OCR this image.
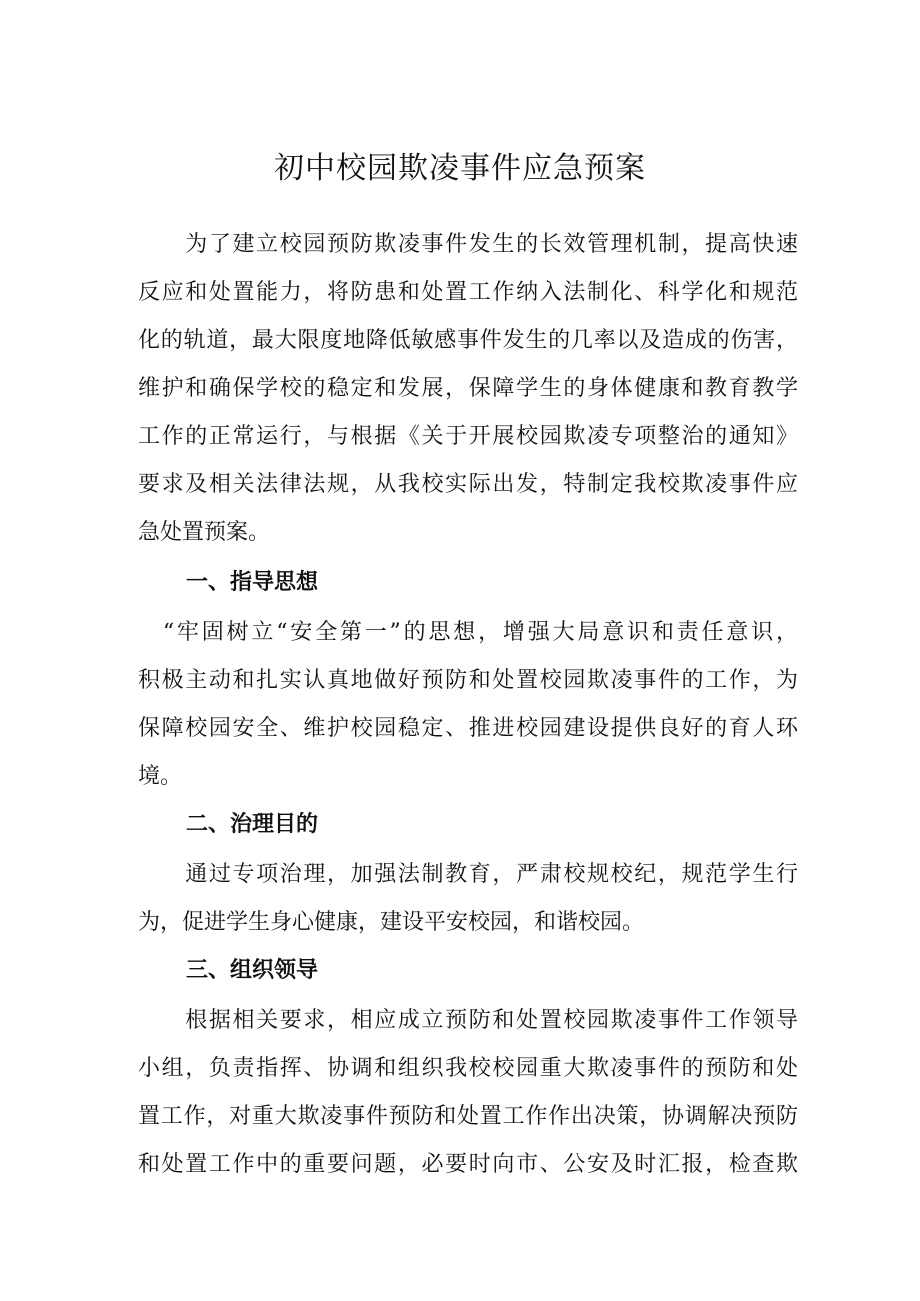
初中校园欺凌事件应急预案

　　为了建立校园预防欺凌事件发生的长效管理机制，提高快速

反应和处置能力，将防患和处置工作纳入法制化、科学化和规范

化的轨道，最大限度地降低敏感事件发生的几率以及造成的伤害，

维护和确保学校的稳定和发展，保障学生的身体健康和教育教学

工作的正常运行，与根据《关于开展校园欺凌专项整治的通知》

要求及相关法律法规，从我校实际出发，特制定我校欺凌事件应

急处置预案。

一、指导思想

　“牢固树立“安全第一”的思想，增强大局意识和责任意识，

积极主动和扎实认真地做好预防和处置校园欺凌事件的工作，为

保障校园安全、维护校园稳定、推进校园建设提供良好的育人环

境。

二、治理目的

　　通过专项治理，加强法制教育，严肃校规校纪，规范学生行

为，促进学生身心健康，建设平安校园，和谐校园。

三、组织领导

　　根据相关要求，相应成立预防和处置校园欺凌事件工作领导

小组，负责指挥、协调和组织我校校园重大欺凌事件的预防和处

置工作，对重大欺凌事件预防和处置工作作出决策，协调解决预防

和处置工作中的重要问题，必要时向市、公安及时汇报，检查欺
